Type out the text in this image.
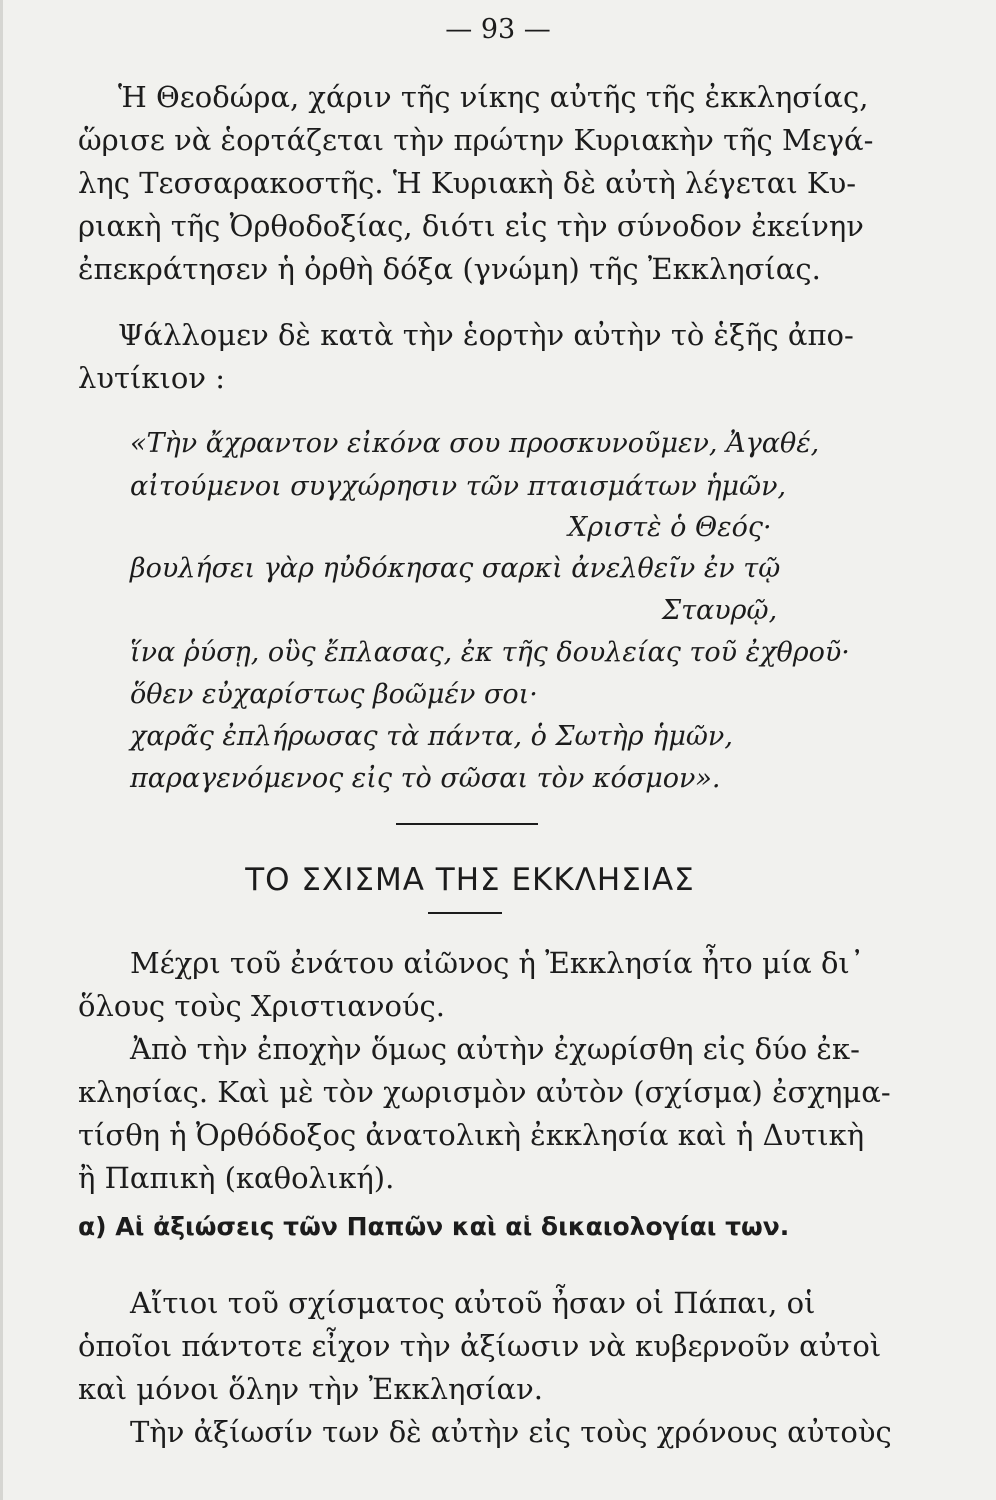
— 93 —
Ἡ Θεοδώρα, χάριν τῆς νίκης αὐτῆς τῆς ἐκκλησίας,
ὥρισε νὰ ἑορτάζεται τὴν πρώτην Κυριακὴν τῆς Μεγά-
λης Τεσσαρακοστῆς. Ἡ Κυριακὴ δὲ αὐτὴ λέγεται Κυ-
ριακὴ τῆς Ὀρθοδοξίας, διότι εἰς τὴν σύνοδον ἐκείνην
ἐπεκράτησεν ἡ ὀρθὴ δόξα (γνώμη) τῆς Ἐκκλησίας.
Ψάλλομεν δὲ κατὰ τὴν ἑορτὴν αὐτὴν τὸ ἑξῆς ἀπο-
λυτίκιον :
«Τὴν ἄχραντον εἰκόνα σου προσκυνοῦμεν, Ἀγαθέ,
αἰτούμενοι συγχώρησιν τῶν πταισμάτων ἡμῶν,
Χριστὲ ὁ Θεός·
βουλήσει γὰρ ηὐδόκησας σαρκὶ ἀνελθεῖν ἐν τῷ
Σταυρῷ,
ἵνα ῥύσῃ, οὓς ἔπλασας, ἐκ τῆς δουλείας τοῦ ἐχθροῦ·
ὅθεν εὐχαρίστως βοῶμέν σοι·
χαρᾶς ἐπλήρωσας τὰ πάντα, ὁ Σωτὴρ ἡμῶν,
παραγενόμενος εἰς τὸ σῶσαι τὸν κόσμον».
ΤΟ ΣΧΙΣΜΑ ΤΗΣ ΕΚΚΛΗΣΙΑΣ
Μέχρι τοῦ ἐνάτου αἰῶνος ἡ Ἐκκλησία ἦτο μία δι᾽
ὅλους τοὺς Χριστιανούς.
Ἀπὸ τὴν ἐποχὴν ὅμως αὐτὴν ἐχωρίσθη εἰς δύο ἐκ-
κλησίας. Καὶ μὲ τὸν χωρισμὸν αὐτὸν (σχίσμα) ἐσχημα-
τίσθη ἡ Ὀρθόδοξος ἀνατολικὴ ἐκκλησία καὶ ἡ Δυτικὴ
ἢ Παπικὴ (καθολική).
α) Αἱ ἀξιώσεις τῶν Παπῶν καὶ αἱ δικαιολογίαι των.
Αἴτιοι τοῦ σχίσματος αὐτοῦ ἦσαν οἱ Πάπαι, οἱ
ὁποῖοι πάντοτε εἶχον τὴν ἀξίωσιν νὰ κυβερνοῦν αὐτοὶ
καὶ μόνοι ὅλην τὴν Ἐκκλησίαν.
Τὴν ἀξίωσίν των δὲ αὐτὴν εἰς τοὺς χρόνους αὐτοὺς
